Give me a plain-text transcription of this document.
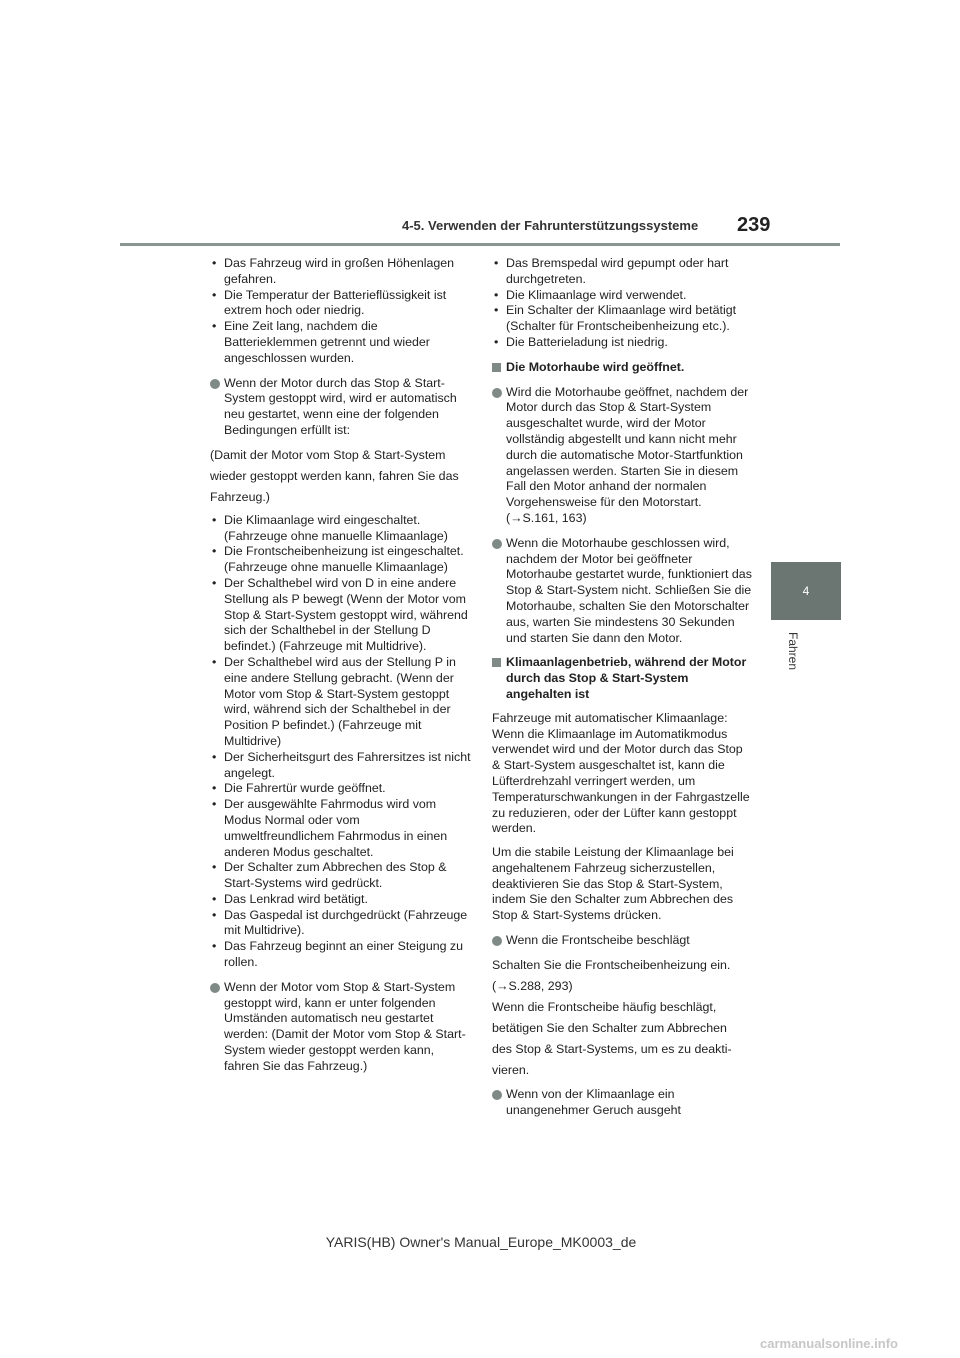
4-5. Verwenden der Fahrunterstützungssysteme 239
4
Fahren
• Das Fahrzeug wird in großen Höhenlagen gefahren.
• Die Temperatur der Batterieflüssigkeit ist extrem hoch oder niedrig.
• Eine Zeit lang, nachdem die Batterieklemmen getrennt und wieder angeschlossen wurden.
Wenn der Motor durch das Stop & Start-System gestoppt wird, wird er automatisch neu gestartet, wenn eine der folgenden Bedingungen erfüllt ist:
(Damit der Motor vom Stop & Start-System
wieder gestoppt werden kann, fahren Sie das
Fahrzeug.)
• Die Klimaanlage wird eingeschaltet. (Fahrzeuge ohne manuelle Klimaanlage)
• Die Frontscheibenheizung ist eingeschaltet. (Fahrzeuge ohne manuelle Klimaanlage)
• Der Schalthebel wird von D in eine andere Stellung als P bewegt (Wenn der Motor vom Stop & Start-System gestoppt wird, während sich der Schalthebel in der Stellung D befindet.) (Fahrzeuge mit Multidrive).
• Der Schalthebel wird aus der Stellung P in eine andere Stellung gebracht. (Wenn der Motor vom Stop & Start-System gestoppt wird, während sich der Schalthebel in der Position P befindet.) (Fahrzeuge mit Multidrive)
• Der Sicherheitsgurt des Fahrersitzes ist nicht angelegt.
• Die Fahrertür wurde geöffnet.
• Der ausgewählte Fahrmodus wird vom Modus Normal oder vom umweltfreundlichem Fahrmodus in einen anderen Modus geschaltet.
• Der Schalter zum Abbrechen des Stop & Start-Systems wird gedrückt.
• Das Lenkrad wird betätigt.
• Das Gaspedal ist durchgedrückt (Fahrzeuge mit Multidrive).
• Das Fahrzeug beginnt an einer Steigung zu rollen.
Wenn der Motor vom Stop & Start-System gestoppt wird, kann er unter folgenden Umständen automatisch neu gestartet werden: (Damit der Motor vom Stop & Start-System wieder gestoppt werden kann, fahren Sie das Fahrzeug.)
• Das Bremspedal wird gepumpt oder hart durchgetreten.
• Die Klimaanlage wird verwendet.
• Ein Schalter der Klimaanlage wird betätigt (Schalter für Frontscheibenheizung etc.).
• Die Batterieladung ist niedrig.
Die Motorhaube wird geöffnet.
Wird die Motorhaube geöffnet, nachdem der Motor durch das Stop & Start-System ausgeschaltet wurde, wird der Motor vollständig abgestellt und kann nicht mehr durch die automatische Motor-Startfunktion angelassen werden. Starten Sie in diesem Fall den Motor anhand der normalen Vorgehensweise für den Motorstart. (→S.161, 163)
Wenn die Motorhaube geschlossen wird, nachdem der Motor bei geöffneter Motorhaube gestartet wurde, funktioniert das Stop & Start-System nicht. Schließen Sie die Motorhaube, schalten Sie den Motorschalter aus, warten Sie mindestens 30 Sekunden und starten Sie dann den Motor.
Klimaanlagenbetrieb, während der Motor durch das Stop & Start-System angehalten ist
Fahrzeuge mit automatischer Klimaanlage: Wenn die Klimaanlage im Automatikmodus verwendet wird und der Motor durch das Stop & Start-System ausgeschaltet ist, kann die Lüfterdrehzahl verringert werden, um Temperaturschwankungen in der Fahrgastzelle zu reduzieren, oder der Lüfter kann gestoppt werden.
Um die stabile Leistung der Klimaanlage bei angehaltenem Fahrzeug sicherzustellen, deaktivieren Sie das Stop & Start-System, indem Sie den Schalter zum Abbrechen des Stop & Start-Systems drücken.
Wenn die Frontscheibe beschlägt
Schalten Sie die Frontscheibenheizung ein.
(→S.288, 293)
Wenn die Frontscheibe häufig beschlägt,
betätigen Sie den Schalter zum Abbrechen
des Stop & Start-Systems, um es zu deakti-
vieren.
Wenn von der Klimaanlage ein unangenehmer Geruch ausgeht
YARIS(HB) Owner's Manual_Europe_MK0003_de
carmanualsonline.info
